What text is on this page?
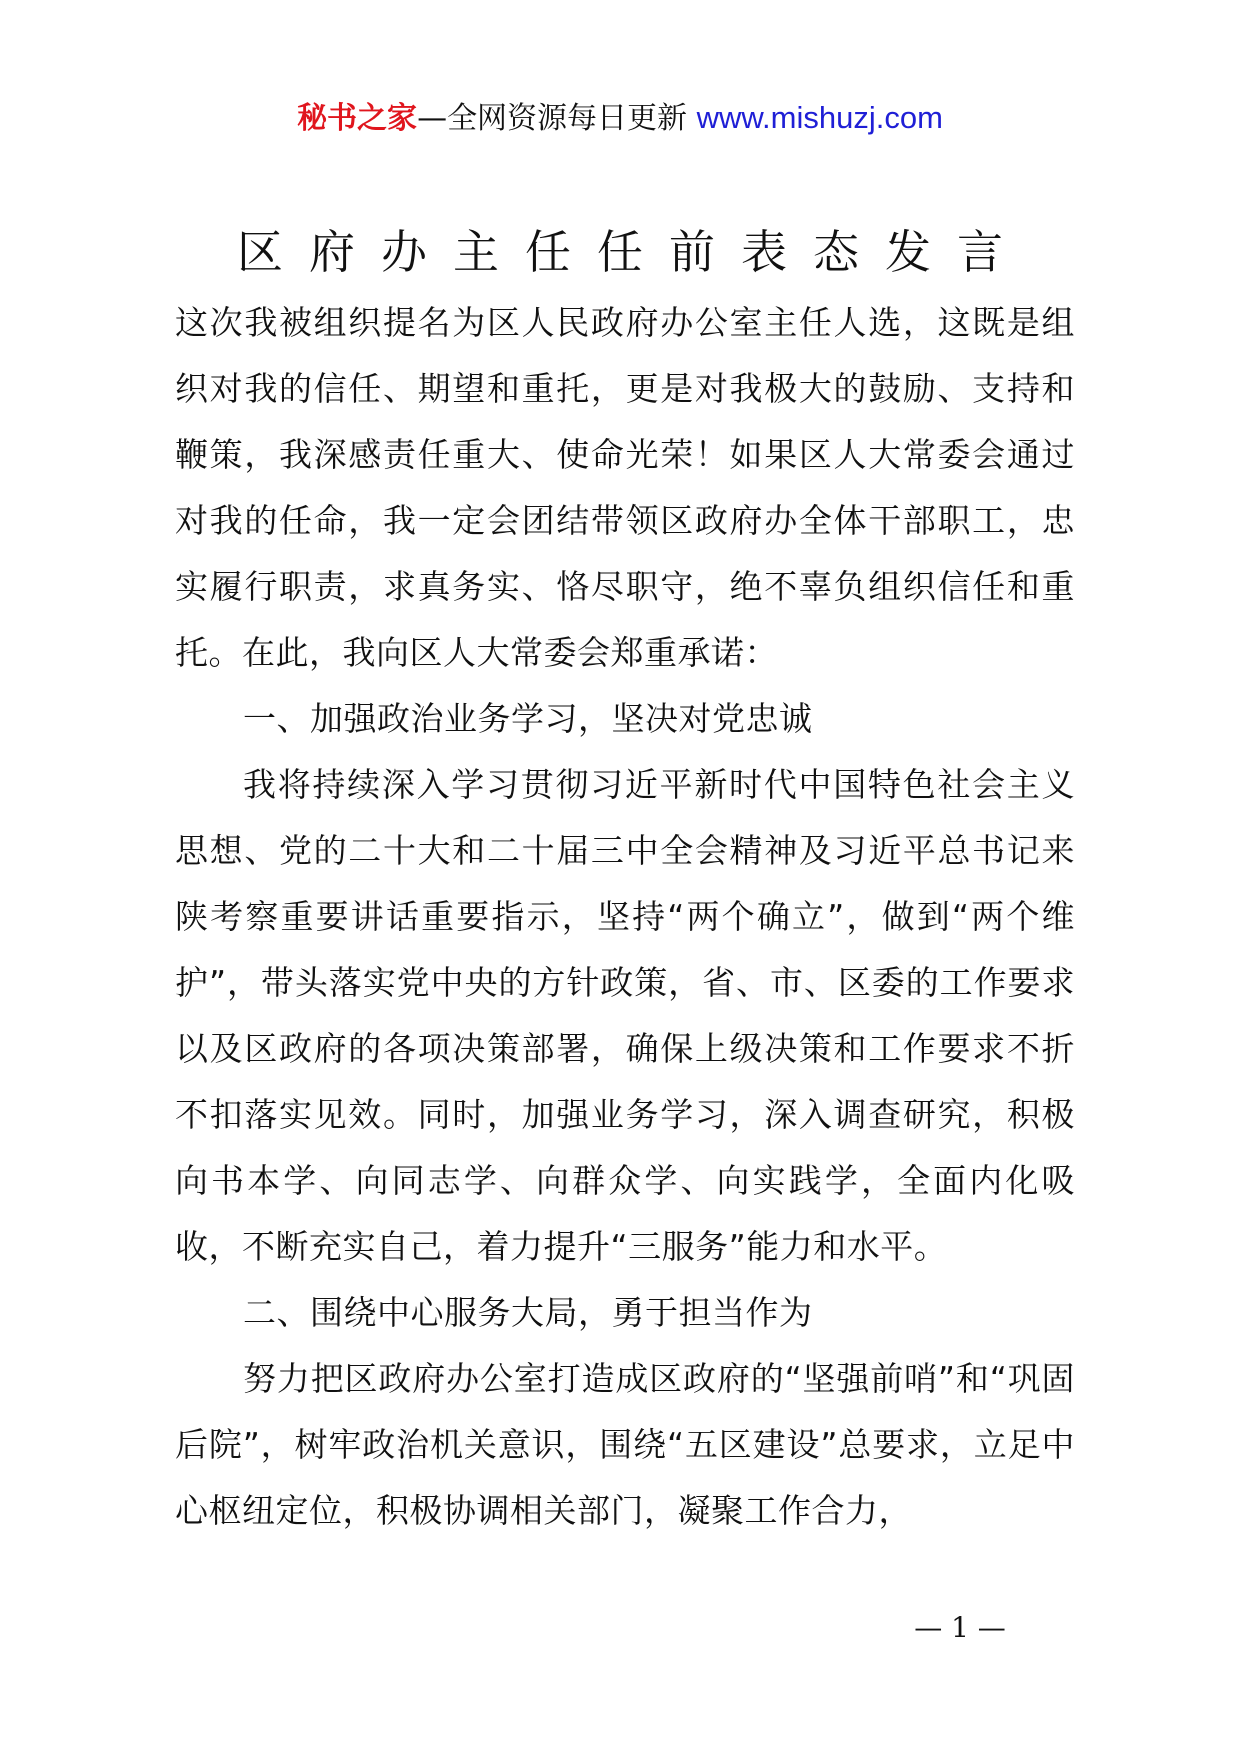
秘书之家—全网资源每日更新 www.mishuzj.com
区府办主任任前表态发言

这次我被组织提名为区人民政府办公室主任人选，这既是组织对我的信任、期望和重托，更是对我极大的鼓励、支持和鞭策，我深感责任重大、使命光荣！如果区人大常委会通过对我的任命，我一定会团结带领区政府办全体干部职工，忠实履行职责，求真务实、恪尽职守，绝不辜负组织信任和重托。在此，我向区人大常委会郑重承诺：

一、加强政治业务学习，坚决对党忠诚

我将持续深入学习贯彻习近平新时代中国特色社会主义思想、党的二十大和二十届三中全会精神及习近平总书记来陕考察重要讲话重要指示，坚持“两个确立”，做到“两个维护”，带头落实党中央的方针政策，省、市、区委的工作要求以及区政府的各项决策部署，确保上级决策和工作要求不折不扣落实见效。同时，加强业务学习，深入调查研究，积极向书本学、向同志学、向群众学、向实践学，全面内化吸收，不断充实自己，着力提升“三服务”能力和水平。

二、围绕中心服务大局，勇于担当作为

努力把区政府办公室打造成区政府的“坚强前哨”和“巩固后院”，树牢政治机关意识，围绕“五区建设”总要求，立足中心枢纽定位，积极协调相关部门，凝聚工作合力，

— 1 —
